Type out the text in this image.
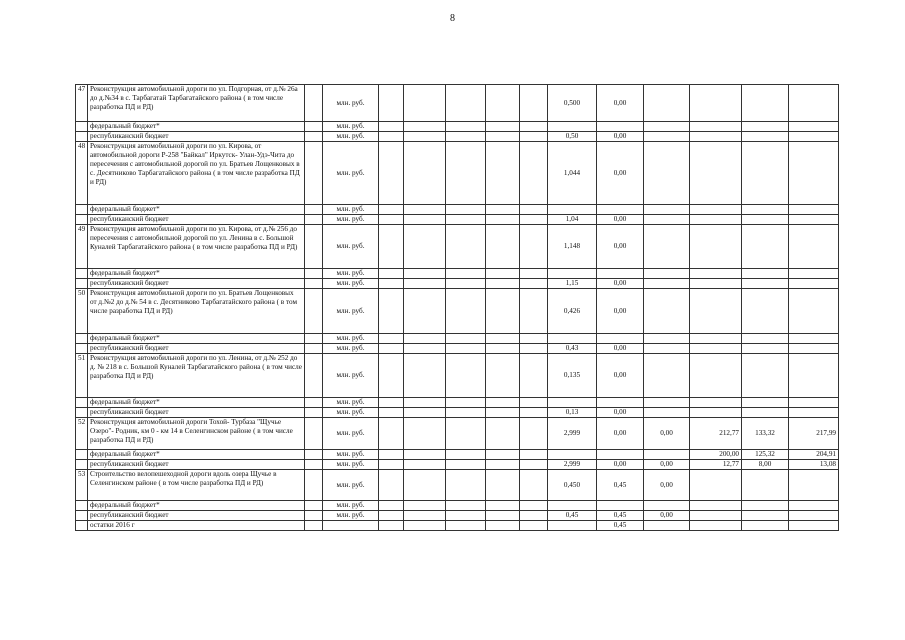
8
47	Реконструкция автомобильной дороги по ул. Подгорная, от д.№ 26а до д.№34 в с. Тарбагатай Тарбагатайского района ( в том числе разработка ПД и РД)		млн. руб.						0,500	0,00				
	федеральный бюджет*		млн. руб.											
	республиканский бюджет		млн. руб.						0,50	0,00				
48	Реконструкция автомобильной дороги по ул. Кирова, от автомобильной дороги Р-258 "Байкал" Иркутск- Улан-Удэ-Чита до пересечения с автомобильной дорогой по ул. Братьев Лощенковых в с. Десятниково Тарбагатайского района ( в том числе разработка ПД и РД)		млн. руб.						1,044	0,00				
	федеральный бюджет*		млн. руб.											
	республиканский бюджет		млн. руб.						1,04	0,00				
49	Реконструкция автомобильной дороги по ул. Кирова, от д.№ 256 до пересечения с автомобильной дорогой по ул. Ленина в с. Большой Куналей Тарбагатайского района ( в том числе разработка ПД и РД)		млн. руб.						1,148	0,00				
	федеральный бюджет*		млн. руб.											
	республиканский бюджет		млн. руб.						1,15	0,00				
50	Реконструкция автомобильной дороги по ул. Братьев Лощенковых от д.№2 до д.№ 54 в с. Десятниково Тарбагатайского района ( в том числе разработка ПД и РД)		млн. руб.						0,426	0,00				
	федеральный бюджет*		млн. руб.											
	республиканский бюджет		млн. руб.						0,43	0,00				
51	Реконструкция автомобильной дороги по ул. Ленина, от д.№ 252 до д. № 218 в с. Большой Куналей Тарбагатайского района ( в том числе разработка ПД и РД)		млн. руб.						0,135	0,00				
	федеральный бюджет*		млн. руб.											
	республиканский бюджет		млн. руб.						0,13	0,00				
52	Реконструкция автомобильной дороги Тохой- Турбаза "Щучье Озеро"- Родник, км 0 - км 14 в Селенгинском районе ( в том числе разработка ПД и РД)		млн. руб.						2,999	0,00	0,00	212,77	133,32	217,99
	федеральный бюджет*		млн. руб.									200,00	125,32	204,91
	республиканский бюджет		млн. руб.						2,999	0,00	0,00	12,77	8,00	13,08
53	Строительство велопешеходной дороги вдоль озера Щучье в Селенгинском районе ( в том числе разработка ПД и РД)		млн. руб.						0,450	0,45	0,00			
	федеральный бюджет*		млн. руб.											
	республиканский бюджет		млн. руб.						0,45	0,45	0,00			
	остатки 2016 г									0,45				
